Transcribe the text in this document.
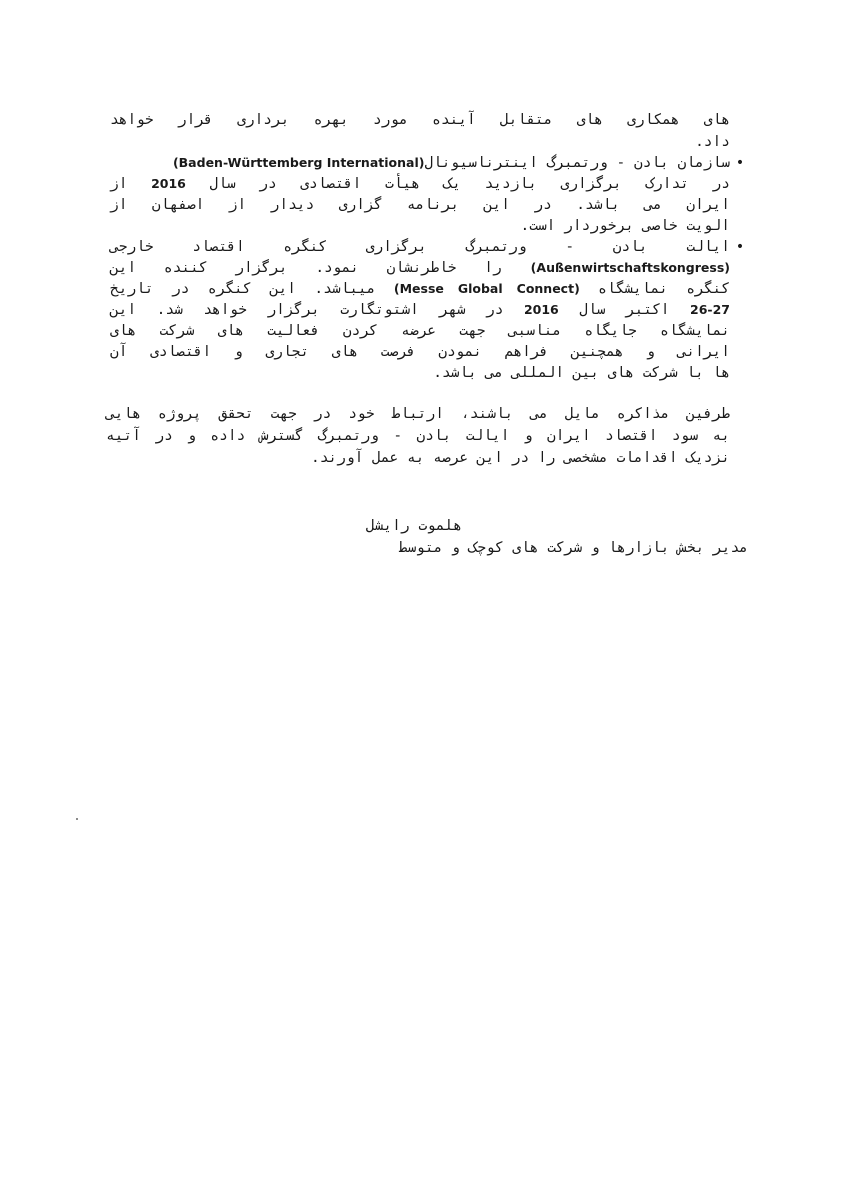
های همکاری های متقابل آینده مورد بهره برداری قرار خواهد
داد.
•
سازمان بادن - ورتمبرگ اینترناسیونال(Baden-Württemberg International)
در تدارک برگزاری بازدید یک هیأت اقتصادی در سال 2016 از
ایران می باشد. در این برنامه گزاری دیدار از اصفهان از
الویت خاصی برخوردار است.
•
ایالت بادن - ورتمبرگ برگزاری کنگره اقتصاد خارجی
(Außenwirtschaftskongress) را خاطرنشان نمود. برگزار کننده این
کنگره نمایشگاه (Messe Global Connect) میباشد. این کنگره در تاریخ
26-27 اکتبر سال 2016 در شهر اشتوتگارت برگزار خواهد شد. این
نمایشگاه جایگاه مناسبی جهت عرضه کردن فعالیت های شرکت های
ایرانی و همچنین فراهم نمودن فرصت های تجاری و اقتصادی آن
ها با شرکت های بین المللی می باشد.
طرفین مذاکره مایل می باشند، ارتباط خود در جهت تحقق پروژه هایی
به سود اقتصاد ایران و ایالت بادن - ورتمبرگ گسترش داده و در آتیه
نزدیک اقدامات مشخصی را در این عرصه به عمل آورند.
هلموت رایشل
مدیر بخش بازارها و شرکت های کوچک و متوسط
